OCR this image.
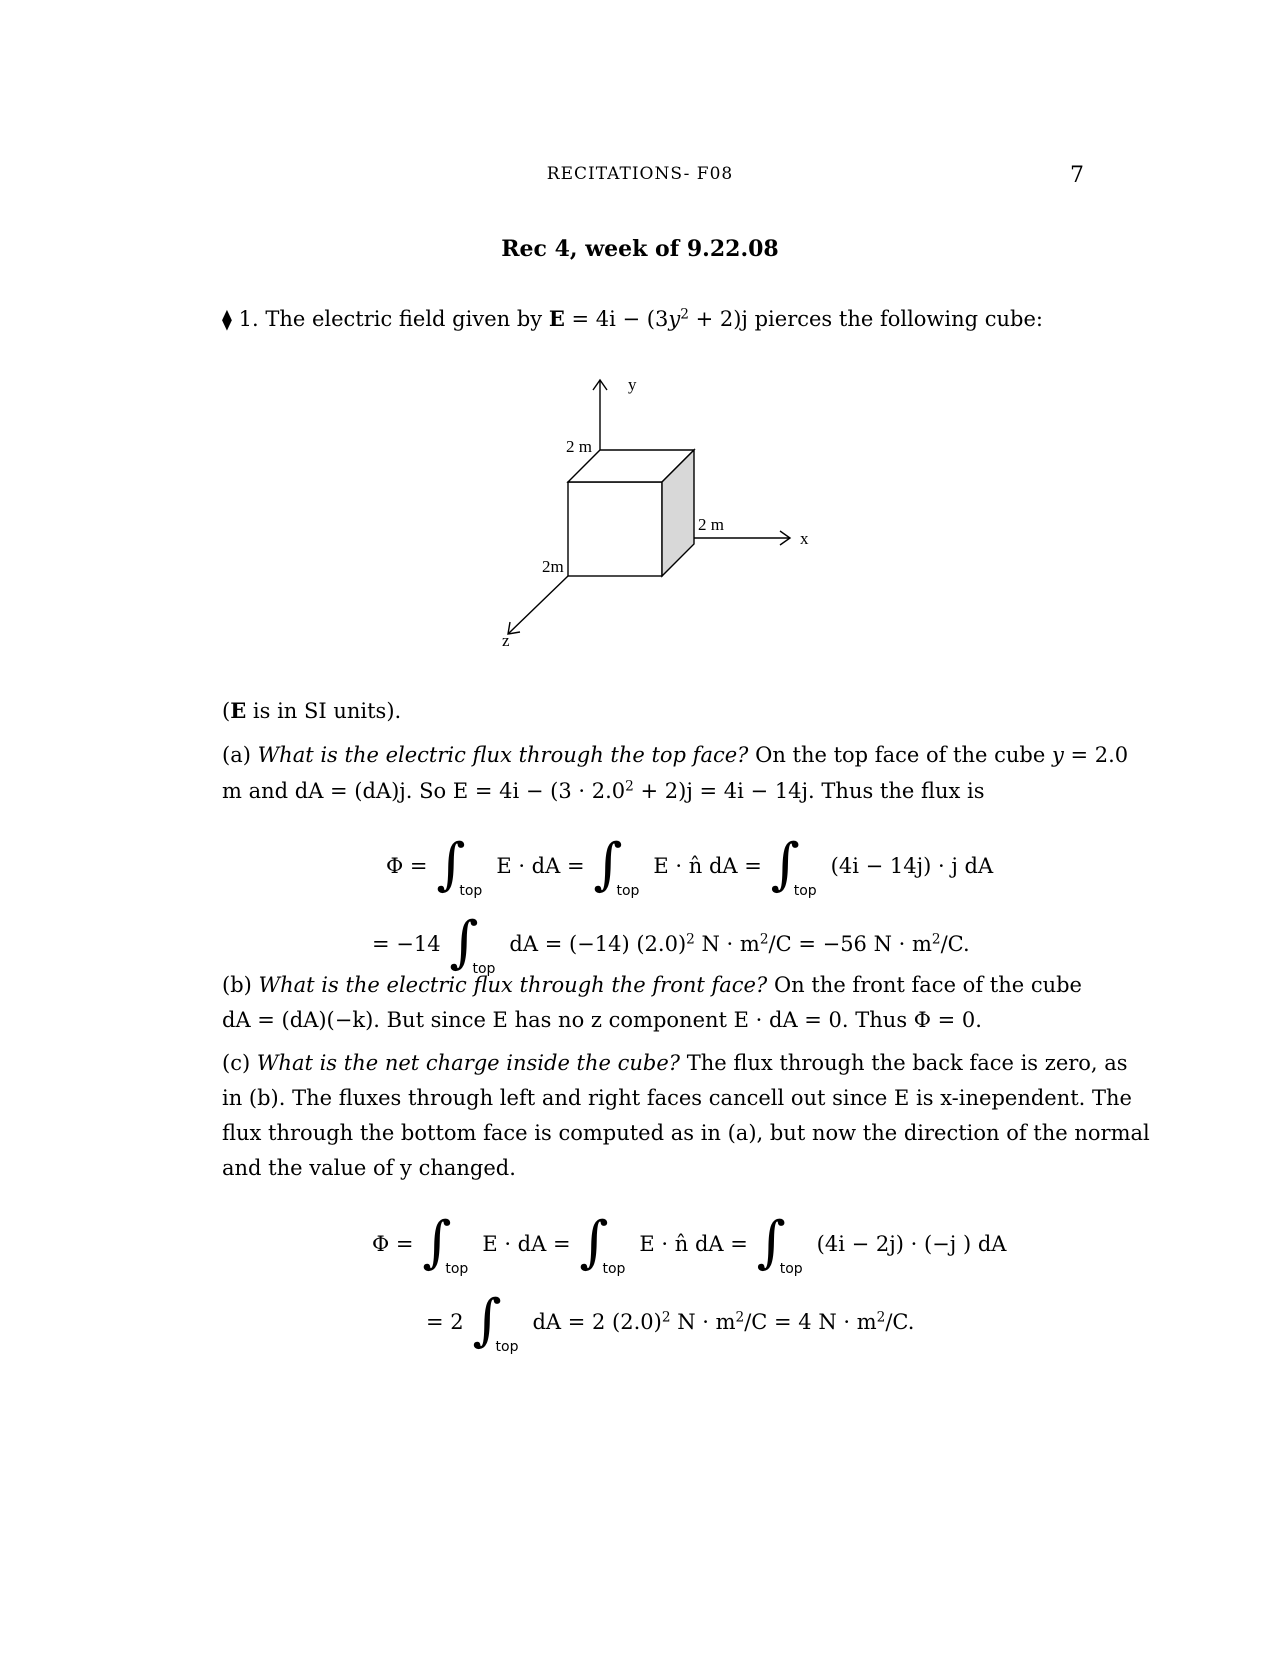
RECITATIONS- F08	7
Rec 4, week of 9.22.08
⧫ 1. The electric field given by $E = 4i - (3y^2 + 2)j$ pierces the following cube:
y
x
z
2 m
2 m
2m
(E is in SI units).
(a) What is the electric flux through the top face? On the top face of the cube y = 2.0
m and dA = (dA)j. So $E = 4i - (3 \cdot 2.0^2 + 2)j = 4i - 14j$. Thus the flux is
$\Phi = \int_{top}E$ · dA = $\int_{top}E$ · n̂ dA = $\int_{top}(4i - 14j) \cdot j$ dA
= −14 $\int_{top}dA = (-14)$ $(2.0)^2$ $N \cdot m^2/C = -56$ $N \cdot m^2/C$.
(b) What is the electric flux through the front face? On the front face of the cube
dA = (dA)(−k). But since E has no z component E · dA = 0. Thus Φ = 0.
(c) What is the net charge inside the cube? The flux through the back face is zero, as
in (b). The fluxes through left and right faces cancell out since E is x-inependent. The
flux through the bottom face is computed as in (a), but now the direction of the normal
and the value of y changed.
$\Phi = \int_{top}E$ · dA = $\int_{top}E$ · n̂ dA = $\int_{top}(4i - 2j) \cdot (-j$ ) dA
= 2 $\int_{top}dA = 2$ $(2.0)^2$ $N \cdot m^2/C = 4$ $N \cdot m^2/C$.
